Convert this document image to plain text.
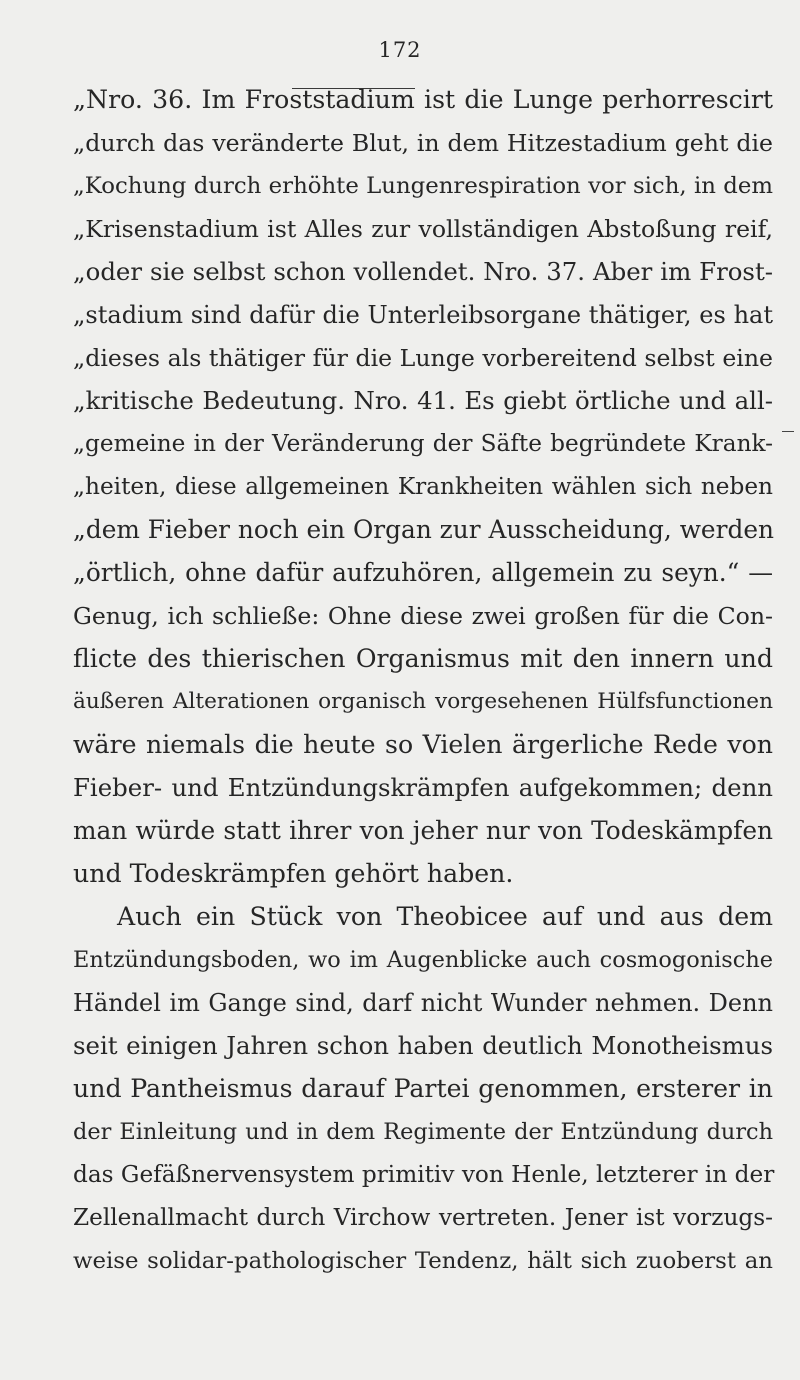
172
„Nro. 36. Im Froststadium ist die Lunge perhorrescirt
„durch das veränderte Blut, in dem Hitzestadium geht die
„Kochung durch erhöhte Lungenrespiration vor sich, in dem
„Krisenstadium ist Alles zur vollständigen Abstoßung reif,
„oder sie selbst schon vollendet. Nro. 37. Aber im Frost-
„stadium sind dafür die Unterleibsorgane thätiger, es hat
„dieses als thätiger für die Lunge vorbereitend selbst eine
„kritische Bedeutung. Nro. 41. Es giebt örtliche und all-
„gemeine in der Veränderung der Säfte begründete Krank-
„heiten, diese allgemeinen Krankheiten wählen sich neben
„dem Fieber noch ein Organ zur Ausscheidung, werden
„örtlich, ohne dafür aufzuhören, allgemein zu seyn.“ —
Genug, ich schließe: Ohne diese zwei großen für die Con-
flicte des thierischen Organismus mit den innern und
äußeren Alterationen organisch vorgesehenen Hülfsfunctionen
wäre niemals die heute so Vielen ärgerliche Rede von
Fieber- und Entzündungskrämpfen aufgekommen; denn
man würde statt ihrer von jeher nur von Todeskämpfen
und Todeskrämpfen gehört haben.
Auch ein Stück von Theobicee auf und aus dem
Entzündungsboden, wo im Augenblicke auch cosmogonische
Händel im Gange sind, darf nicht Wunder nehmen. Denn
seit einigen Jahren schon haben deutlich Monotheismus
und Pantheismus darauf Partei genommen, ersterer in
der Einleitung und in dem Regimente der Entzündung durch
das Gefäßnervensystem primitiv von Henle, letzterer in der
Zellenallmacht durch Virchow vertreten. Jener ist vorzugs-
weise solidar-pathologischer Tendenz, hält sich zuoberst an
